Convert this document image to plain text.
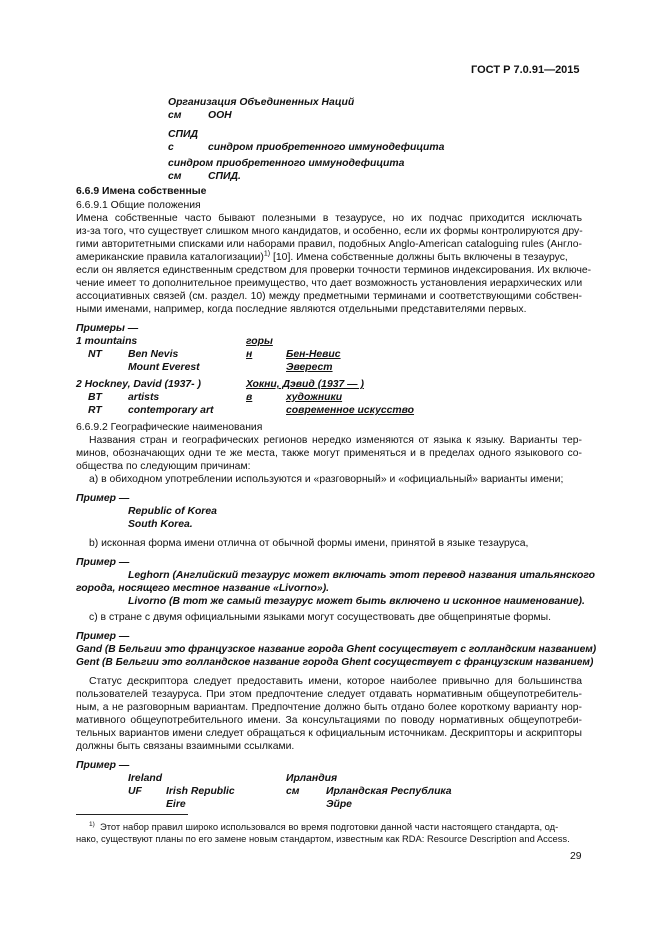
ГОСТ Р 7.0.91—2015
Организация Объединенных Наций
см	ООН
СПИД
с	синдром приобретенного иммунодефицита
синдром приобретенного иммунодефицита
см	СПИД.
6.6.9 Имена собственные
6.6.9.1 Общие положения
Имена собственные часто бывают полезными в тезаурусе, но их подчас приходится исключать
из-за того, что существует слишком много кандидатов, и особенно, если их формы контролируются дру-
гими авторитетными списками или наборами правил, подобных Anglo-American cataloguing rules (Англо-
американские правила каталогизации)$^{1)}$ [10]. Имена собственные должны быть включены в тезаурус,
если он является единственным средством для проверки точности терминов индексирования. Их включе-
чение имеет то дополнительное преимущество, что дает возможность установления иерархических или
ассоциативных связей (см. раздел. 10) между предметными терминами и соответствующими собствен-
ными именами, например, когда последние являются отдельными представителями первых.
Примеры —
1 mountains	горы
NT	Ben Nevis	н	Бен-Невис
Mount Everest	Эверест
2 Hockney, David (1937- )	Хокни, Дэвид (1937 — )
BT	artists	в	художники
RT	contemporary art	современное искусство
6.6.9.2 Географические наименования
Названия стран и географических регионов нередко изменяются от языка к языку. Варианты тер-
минов, обозначающих одни те же места, также могут применяться и в пределах одного языкового со-
общества по следующим причинам:
а) в обиходном употреблении используются и «разговорный» и «официальный» варианты имени;
Пример —
Republic of Korea
South Korea.
b) исконная форма имени отлична от обычной формы имени, принятой в языке тезауруса,
Пример —
Leghorn (Английский тезаурус может включать этот перевод названия итальянского
города, носящего местное название «Livorno»).
Livorno (В тот же самый тезаурус может быть включено и исконное наименование).
с) в стране с двумя официальными языками могут сосуществовать две общепринятые формы.
Пример —
Gand (В Бельгии это французское название города Ghent сосуществует с голландским названием)
Gent (В Бельгии это голландское название города Ghent сосуществует с французским названием)
Статус дескриптора следует предоставить имени, которое наиболее привычно для большинства
пользователей тезауруса. При этом предпочтение следует отдавать нормативным общеупотребитель-
ным, а не разговорным вариантам. Предпочтение должно быть отдано более короткому варианту нор-
мативного общеупотребительного имени. За консультациями по поводу нормативных общеупотреби-
тельных вариантов имени следует обращаться к официальным источникам. Дескрипторы и аскрипторы
должны быть связаны взаимными ссылками.
Пример —
Ireland	Ирландия
UF Irish Republic	см	Ирландская Республика
Eire	Эйре
$^{1)}$ Этот набор правил широко использовался во время подготовки данной части настоящего стандарта, од-
нако, существуют планы по его замене новым стандартом, известным как RDA: Resource Description and Access.
29
